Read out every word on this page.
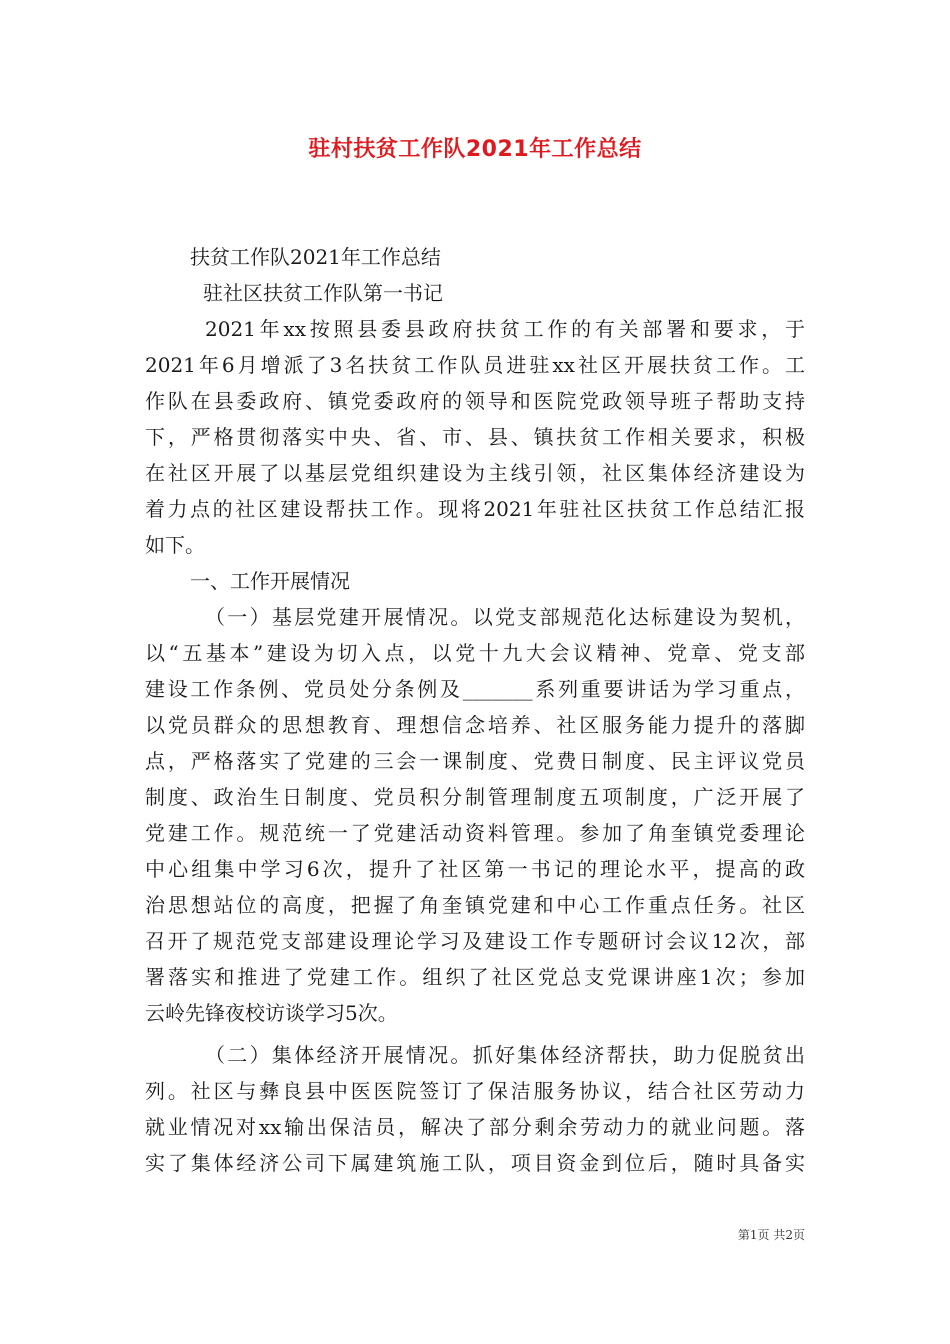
驻村扶贫工作队2021年工作总结

扶贫工作队2021年工作总结

驻社区扶贫工作队第一书记

2021年xx按照县委县政府扶贫工作的有关部署和要求，于

2021年6月增派了3名扶贫工作队员进驻xx社区开展扶贫工作。工

作队在县委政府、镇党委政府的领导和医院党政领导班子帮助支持

下，严格贯彻落实中央、省、市、县、镇扶贫工作相关要求，积极

在社区开展了以基层党组织建设为主线引领，社区集体经济建设为

着力点的社区建设帮扶工作。现将2021年驻社区扶贫工作总结汇报

如下。

一、工作开展情况

（一）基层党建开展情况。以党支部规范化达标建设为契机，

以“五基本”建设为切入点，以党十九大会议精神、党章、党支部

建设工作条例、党员处分条例及_______系列重要讲话为学习重点，

以党员群众的思想教育、理想信念培养、社区服务能力提升的落脚

点，严格落实了党建的三会一课制度、党费日制度、民主评议党员

制度、政治生日制度、党员积分制管理制度五项制度，广泛开展了

党建工作。规范统一了党建活动资料管理。参加了角奎镇党委理论

中心组集中学习6次，提升了社区第一书记的理论水平，提高的政

治思想站位的高度，把握了角奎镇党建和中心工作重点任务。社区

召开了规范党支部建设理论学习及建设工作专题研讨会议12次，部

署落实和推进了党建工作。组织了社区党总支党课讲座1次；参加

云岭先锋夜校访谈学习5次。

（二）集体经济开展情况。抓好集体经济帮扶，助力促脱贫出

列。社区与彝良县中医医院签订了保洁服务协议，结合社区劳动力

就业情况对xx输出保洁员，解决了部分剩余劳动力的就业问题。落

实了集体经济公司下属建筑施工队，项目资金到位后，随时具备实

第1页 共2页
